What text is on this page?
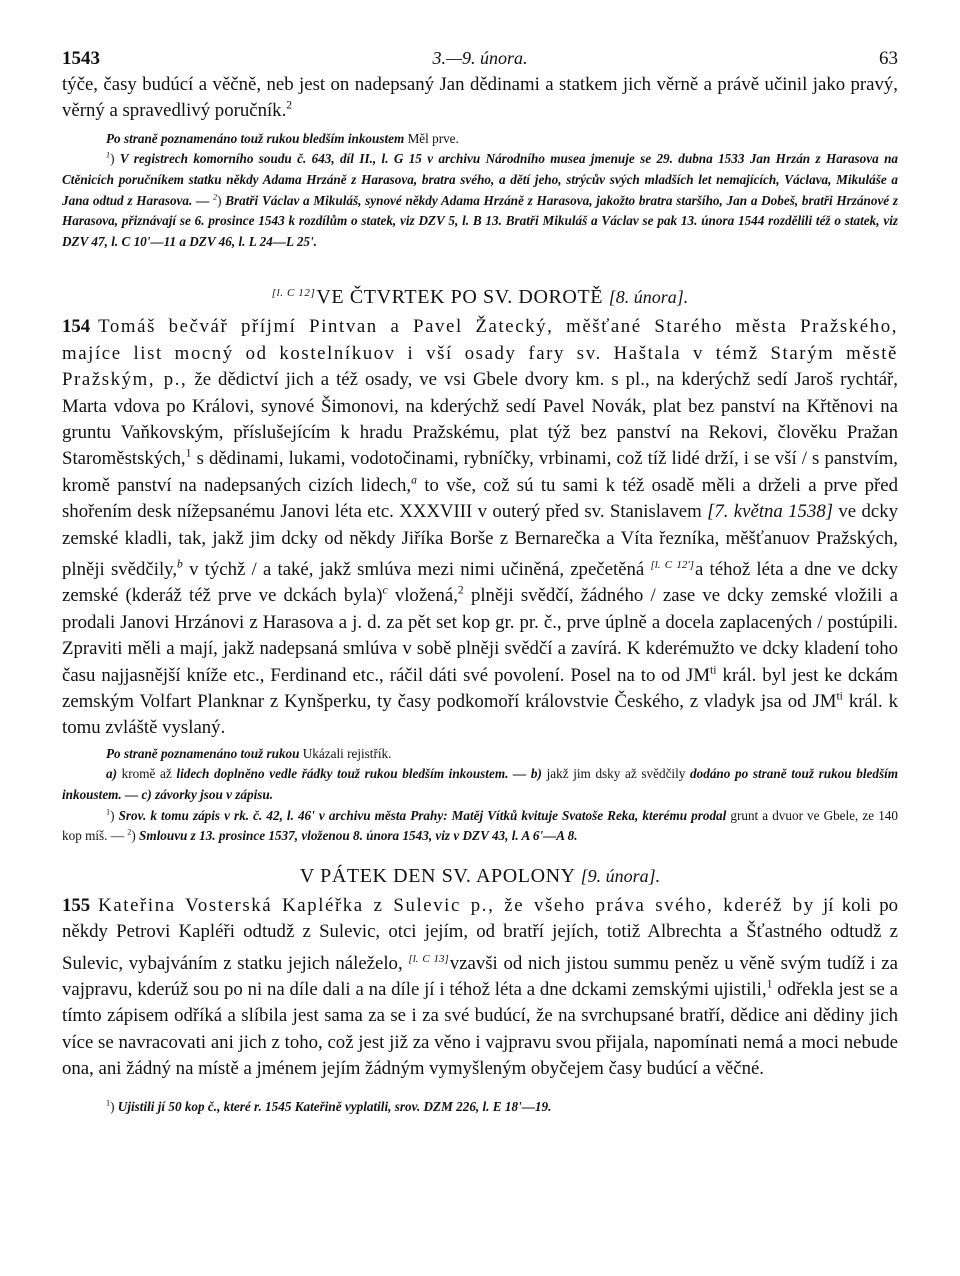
1543	3.—9. února.	63

týče, časy budúcí a věčně, neb jest on nadepsaný Jan dědinami a statkem jich věrně a právě učinil jako pravý, věrný a spravedlivý poručník.$^2$

Po straně poznamenáno touž rukou bledším inkoustem Měl prve.

$^1$) V registrech komorního soudu č. 643, díl II., l. G 15 v archivu Národního musea jmenuje se 29. dubna 1533 Jan Hrzán z Harasova na Ctěnicích poručníkem statku někdy Adama Hrzáně z Harasova, bratra svého, a dětí jeho, strýcův svých mladších let nemajících, Václava, Mikuláše a Jana odtud z Harasova. — $^2$) Bratři Václav a Mikuláš, synové někdy Adama Hrzáně z Harasova, jakožto bratra staršího, Jan a Dobeš, bratři Hrzánové z Harasova, přiznávají se 6. prosince 1543 k rozdílům o statek, viz DZV 5, l. B 13. Bratři Mikuláš a Václav se pak 13. února 1544 rozdělili též o statek, viz DZV 47, l. C 10'—11 a DZV 46, l. L 24—L 25'.

[l. C 12]VE ČTVRTEK PO SV. DOROTĚ [8. února].

154 Tomáš bečvář příjmí Pintvan a Pavel Žatecký, měšťané Starého města Pražského, majíce list mocný od kostelníkuov i vší osady fary sv. Haštala v témž Starým městě Pražským, p., že dědictví jich a též osady, ve vsi Gbele dvory km. s pl., na kderýchž sedí Jaroš rychtář, Marta vdova po Královi, synové Šimonovi, na kderýchž sedí Pavel Novák, plat bez panství na Křtěnovi na gruntu Vaňkovským, příslušejícím k hradu Pražskému, plat týž bez panství na Rekovi, člověku Pražan Staroměstských,$^1$ s dědinami, lukami, vodotočinami, rybníčky, vrbinami, což tíž lidé drží, i se vší / s panstvím, kromě panství na nadepsaných cizích lidech,$^a$ to vše, což sú tu sami k též osadě měli a drželi a prve před shořením desk nížepsanému Janovi léta etc. XXXVIII v outerý před sv. Stanislavem [7. května 1538] ve dcky zemské kladli, tak, jakž jim dcky od někdy Jiříka Borše z Bernarečka a Víta řezníka, měšťanuov Pražských, plněji svědčily,$^b$ v týchž / a také, jakž smlúva mezi nimi učiněná, zpečetěná [l. C 12']a téhož léta a dne ve dcky zemské (kderáž též prve ve dckách byla)$^c$ vložená,$^2$ plněji svědčí, žádného / zase ve dcky zemské vložili a prodali Janovi Hrzánovi z Harasova a j. d. za pět set kop gr. pr. č., prve úplně a docela zaplacených / postúpili. Zpraviti měli a mají, jakž nadepsaná smlúva v sobě plněji svědčí a zavírá. K kderémužto ve dcky kladení toho času najjasnější kníže etc., Ferdinand etc., ráčil dáti své povolení. Posel na to od $JM^{ti}$ král. byl jest ke dckám zemským Volfart Planknar z Kynšperku, ty časy podkomoří královstvie Českého, z vladyk jsa od $JM^{ti}$ král. k tomu zvláště vyslaný.

Po straně poznamenáno touž rukou Ukázali rejistřík.

a) kromě až lidech doplněno vedle řádky touž rukou bledším inkoustem. — b) jakž jim dsky až svědčily dodáno po straně touž rukou bledším inkoustem. — c) závorky jsou v zápisu.

$^1$) Srov. k tomu zápis v rk. č. 42, l. 46' v archivu města Prahy: Matěj Vítků kvituje Svatoše Reka, kterému prodal grunt a dvuor ve Gbele, ze 140 kop míš. — $^2$) Smlouvu z 13. prosince 1537, vloženou 8. února 1543, viz v DZV 43, l. A 6'—A 8.

V PÁTEK DEN SV. APOLONY [9. února].

155 Kateřina Vosterská Kapléřka z Sulevic p., že všeho práva svého, kderéž by jí koli po někdy Petrovi Kapléři odtudž z Sulevic, otci jejím, od bratří jejích, totiž Albrechta a Šťastného odtudž z Sulevic, vybajváním z statku jejich náleželo, [l. C 13]vzavši od nich jistou summu peněz u věně svým tudíž i za vajpravu, kderúž sou po ni na díle dali a na díle jí i téhož léta a dne dckami zemskými ujistili,$^1$ odřekla jest se a tímto zápisem odříká a slíbila jest sama za se i za své budúcí, že na svrchupsané bratří, dědice ani dědiny jich více se navracovati ani jich z toho, což jest již za věno i vajpravu svou přijala, napomínati nemá a moci nebude ona, ani žádný na místě a jménem jejím žádným vymyšleným obyčejem časy budúcí a věčné.

$^1$) Ujistili jí 50 kop č., které r. 1545 Kateřině vyplatili, srov. DZM 226, l. E 18'—19.
